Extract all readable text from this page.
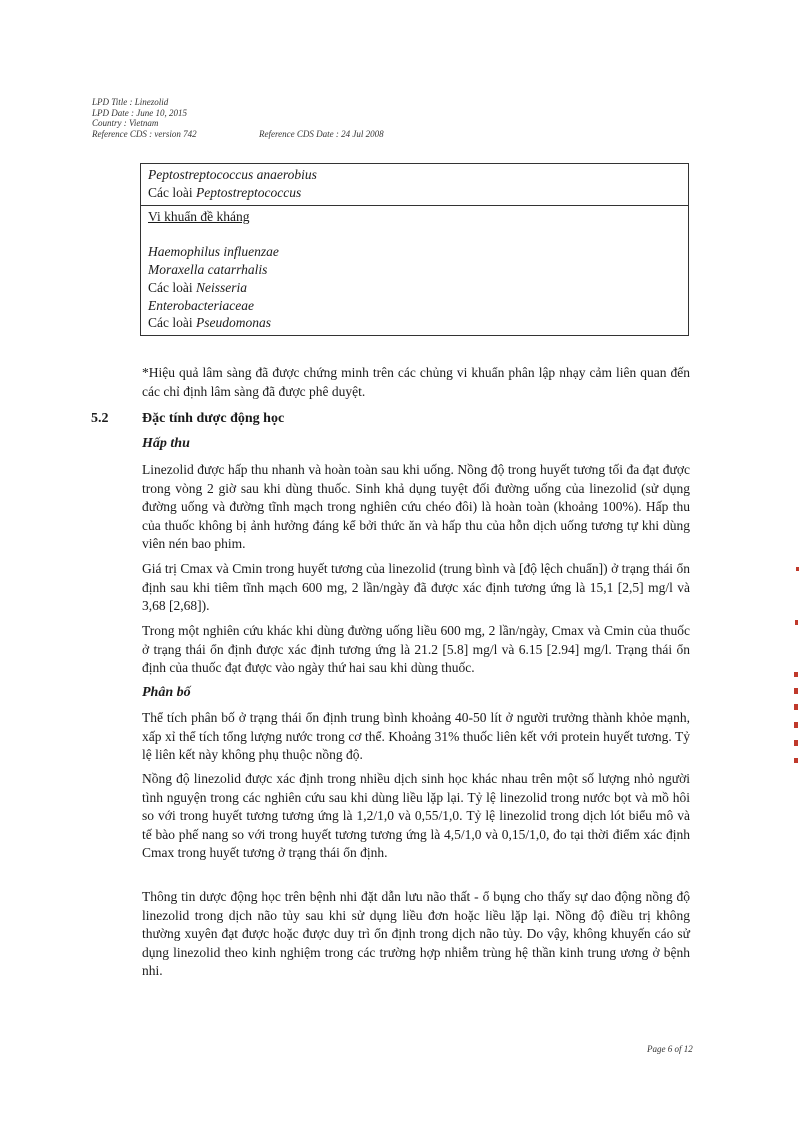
LPD Title : Linezolid
LPD Date : June 10, 2015
Country : Vietnam
Reference CDS : version 742	Reference CDS Date : 24 Jul 2008
Peptostreptococcus anaerobius
Các loài Peptostreptococcus
Vi khuẩn đề kháng
Haemophilus influenzae
Moraxella catarrhalis
Các loài Neisseria
Enterobacteriaceae
Các loài Pseudomonas
*Hiệu quả lâm sàng đã được chứng minh trên các chủng vi khuẩn phân lập nhạy cảm liên quan đến các chỉ định lâm sàng đã được phê duyệt.
5.2 Đặc tính dược động học
Hấp thu
Linezolid được hấp thu nhanh và hoàn toàn sau khi uống. Nồng độ trong huyết tương tối đa đạt được trong vòng 2 giờ sau khi dùng thuốc. Sinh khả dụng tuyệt đối đường uống của linezolid (sử dụng đường uống và đường tĩnh mạch trong nghiên cứu chéo đôi) là hoàn toàn (khoảng 100%). Hấp thu của thuốc không bị ảnh hưởng đáng kể bởi thức ăn và hấp thu của hỗn dịch uống tương tự khi dùng viên nén bao phim.
Giá trị Cmax và Cmin trong huyết tương của linezolid (trung bình và [độ lệch chuẩn]) ở trạng thái ổn định sau khi tiêm tĩnh mạch 600 mg, 2 lần/ngày đã được xác định tương ứng là 15,1 [2,5] mg/l và 3,68 [2,68]).
Trong một nghiên cứu khác khi dùng đường uống liều 600 mg, 2 lần/ngày, Cmax và Cmin của thuốc ở trạng thái ổn định được xác định tương ứng là 21.2 [5.8] mg/l và 6.15 [2.94] mg/l. Trạng thái ổn định của thuốc đạt được vào ngày thứ hai sau khi dùng thuốc.
Phân bố
Thể tích phân bố ở trạng thái ổn định trung bình khoảng 40-50 lít ở người trưởng thành khỏe mạnh, xấp xỉ thể tích tổng lượng nước trong cơ thể. Khoảng 31% thuốc liên kết với protein huyết tương. Tỷ lệ liên kết này không phụ thuộc nồng độ.
Nồng độ linezolid được xác định trong nhiều dịch sinh học khác nhau trên một số lượng nhỏ người tình nguyện trong các nghiên cứu sau khi dùng liều lặp lại. Tỷ lệ linezolid trong nước bọt và mồ hôi so với trong huyết tương tương ứng là 1,2/1,0 và 0,55/1,0. Tỷ lệ linezolid trong dịch lót biểu mô và tế bào phế nang so với trong huyết tương tương ứng là 4,5/1,0 và 0,15/1,0, đo tại thời điểm xác định Cmax trong huyết tương ở trạng thái ổn định.
Thông tin dược động học trên bệnh nhi đặt dẫn lưu não thất - ổ bụng cho thấy sự dao động nồng độ linezolid trong dịch não tủy sau khi sử dụng liều đơn hoặc liều lặp lại. Nồng độ điều trị không thường xuyên đạt được hoặc được duy trì ổn định trong dịch não tủy. Do vậy, không khuyến cáo sử dụng linezolid theo kinh nghiệm trong các trường hợp nhiễm trùng hệ thần kinh trung ương ở bệnh nhi.
Page 6 of 12
